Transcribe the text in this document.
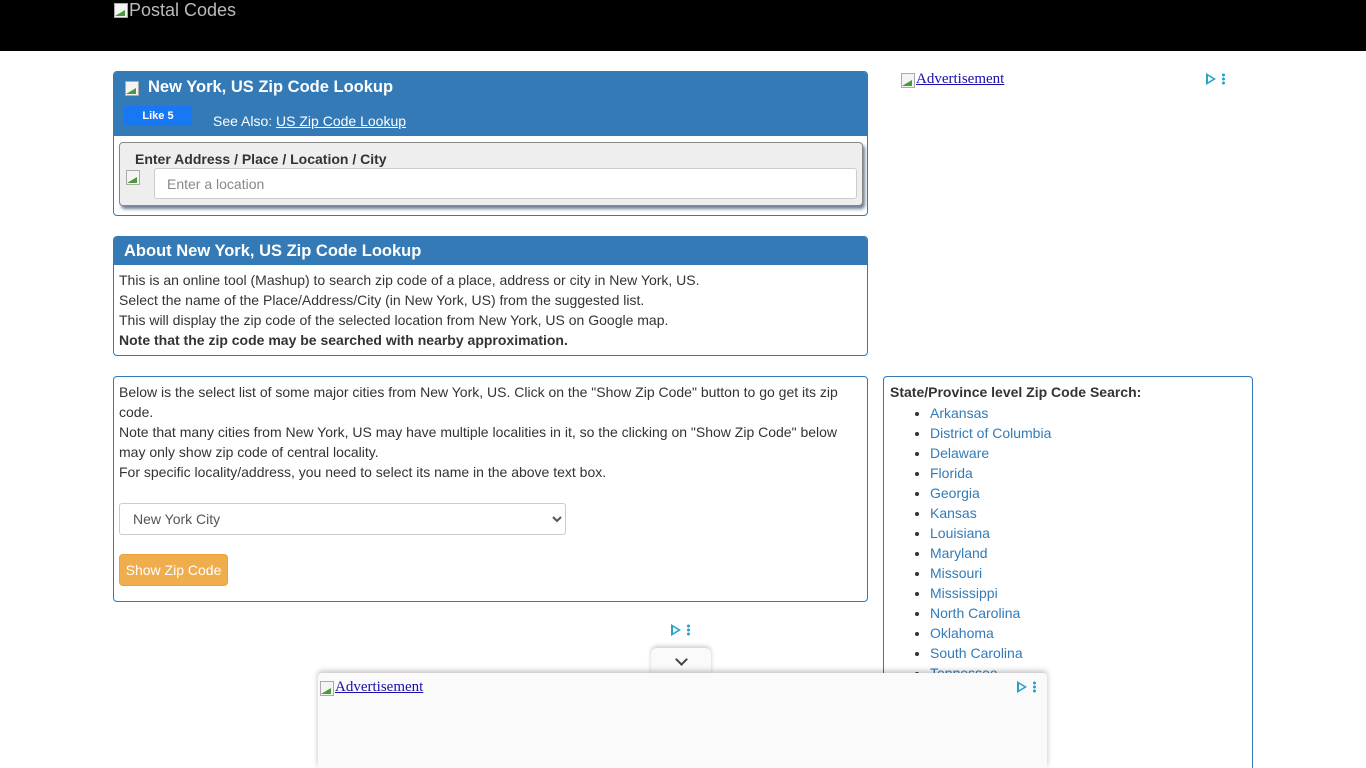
Postal Codes
New York, US Zip Code Lookup
Like 5	See Also: US Zip Code Lookup
Enter Address / Place / Location / City
Enter a location
About New York, US Zip Code Lookup
This is an online tool (Mashup) to search zip code of a place, address or city in New York, US.
Select the name of the Place/Address/City (in New York, US) from the suggested list.
This will display the zip code of the selected location from New York, US on Google map.
Note that the zip code may be searched with nearby approximation.
Below is the select list of some major cities from New York, US. Click on the "Show Zip Code" button to go get its zip code.
Note that many cities from New York, US may have multiple localities in it, so the clicking on "Show Zip Code" below may only show zip code of central locality.
For specific locality/address, you need to select its name in the above text box.
New York City
Show Zip Code
State/Province level Zip Code Search:
• Arkansas
• District of Columbia
• Delaware
• Florida
• Georgia
• Kansas
• Louisiana
• Maryland
• Missouri
• Mississippi
• North Carolina
• Oklahoma
• South Carolina
•
Advertisement
Advertisement
